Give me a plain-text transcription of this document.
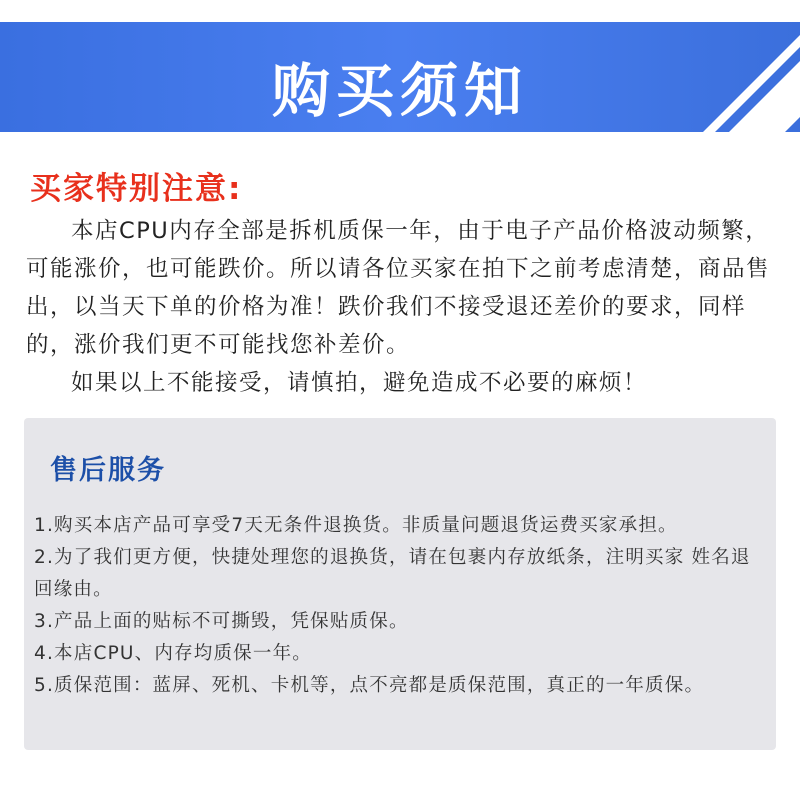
购买须知
买家特别注意:

本店CPU内存全部是拆机质保一年，由于电子产品价格波动频繁，可能涨价，也可能跌价。所以请各位买家在拍下之前考虑清楚，商品售出，以当天下单的价格为准！跌价我们不接受退还差价的要求，同样的，涨价我们更不可能找您补差价。

如果以上不能接受，请慎拍，避免造成不必要的麻烦！

售后服务
1.购买本店产品可享受7天无条件退换货。非质量问题退货运费买家承担。
2.为了我们更方便，快捷处理您的退换货，请在包裹内存放纸条，注明买家 姓名退回缘由。
3.产品上面的贴标不可撕毁，凭保贴质保。
4.本店CPU、内存均质保一年。
5.质保范围：蓝屏、死机、卡机等，点不亮都是质保范围，真正的一年质保。
